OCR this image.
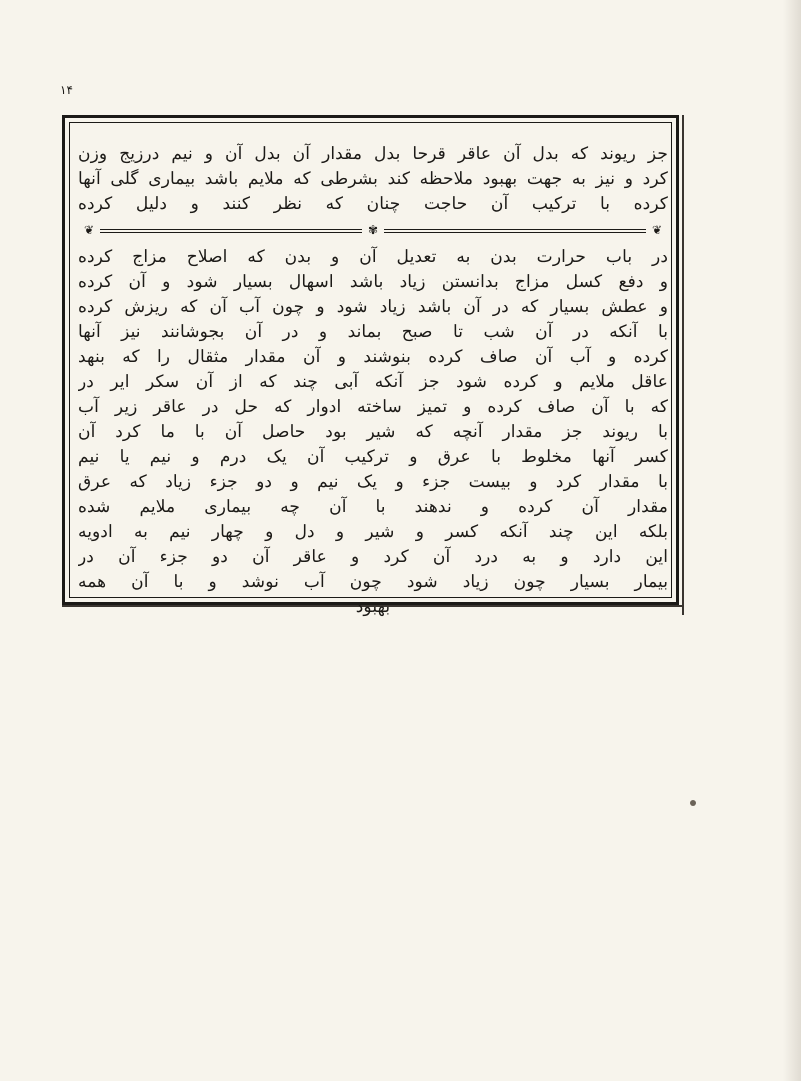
١۴
جز ریوند که بدل آن عاقر قرحا بدل مقدار آن بدل آن و نیم درزیج وزن
کرد و نیز به جهت بهبود ملاحظه کند بشرطی که ملایم باشد بیماری گلی آنها
کرده با ترکیب آن حاجت چنان که نظر کنند و دلیل کرده
❦	✾	❦
در باب حرارت بدن به تعدیل آن و بدن که اصلاح مزاج کرده
و دفع کسل مزاج بدانستن زیاد باشد اسهال بسیار شود و آن کرده
و عطش بسیار که در آن باشد زیاد شود و چون آب آن که ریزش کرده
با آنکه در آن شب تا صبح بماند و در آن بجوشانند نیز آنها
کرده و آب آن صاف کرده بنوشند و آن مقدار مثقال را که بنهد
عاقل ملایم و کرده شود جز آنکه آبی چند که از آن سکر ایر در
که با آن صاف کرده و تمیز ساخته ادوار که حل در عاقر زیر آب
با ریوند جز مقدار آنچه که شیر بود حاصل آن با ما کرد آن
کسر آنها مخلوط با عرق و ترکیب آن یک درم و نیم یا نیم
با مقدار کرد و بیست جزء و یک نیم و دو جزء زیاد که عرق
مقدار آن کرده و ندهند با آن چه بیماری ملایم شده
بلکه این چند آنکه کسر و شیر و دل و چهار نیم به ادویه
این دارد و به درد آن کرد و عاقر آن دو جزء آن در
بیمار بسیار چون زیاد شود چون آب نوشد و با آن همه
بهبود
